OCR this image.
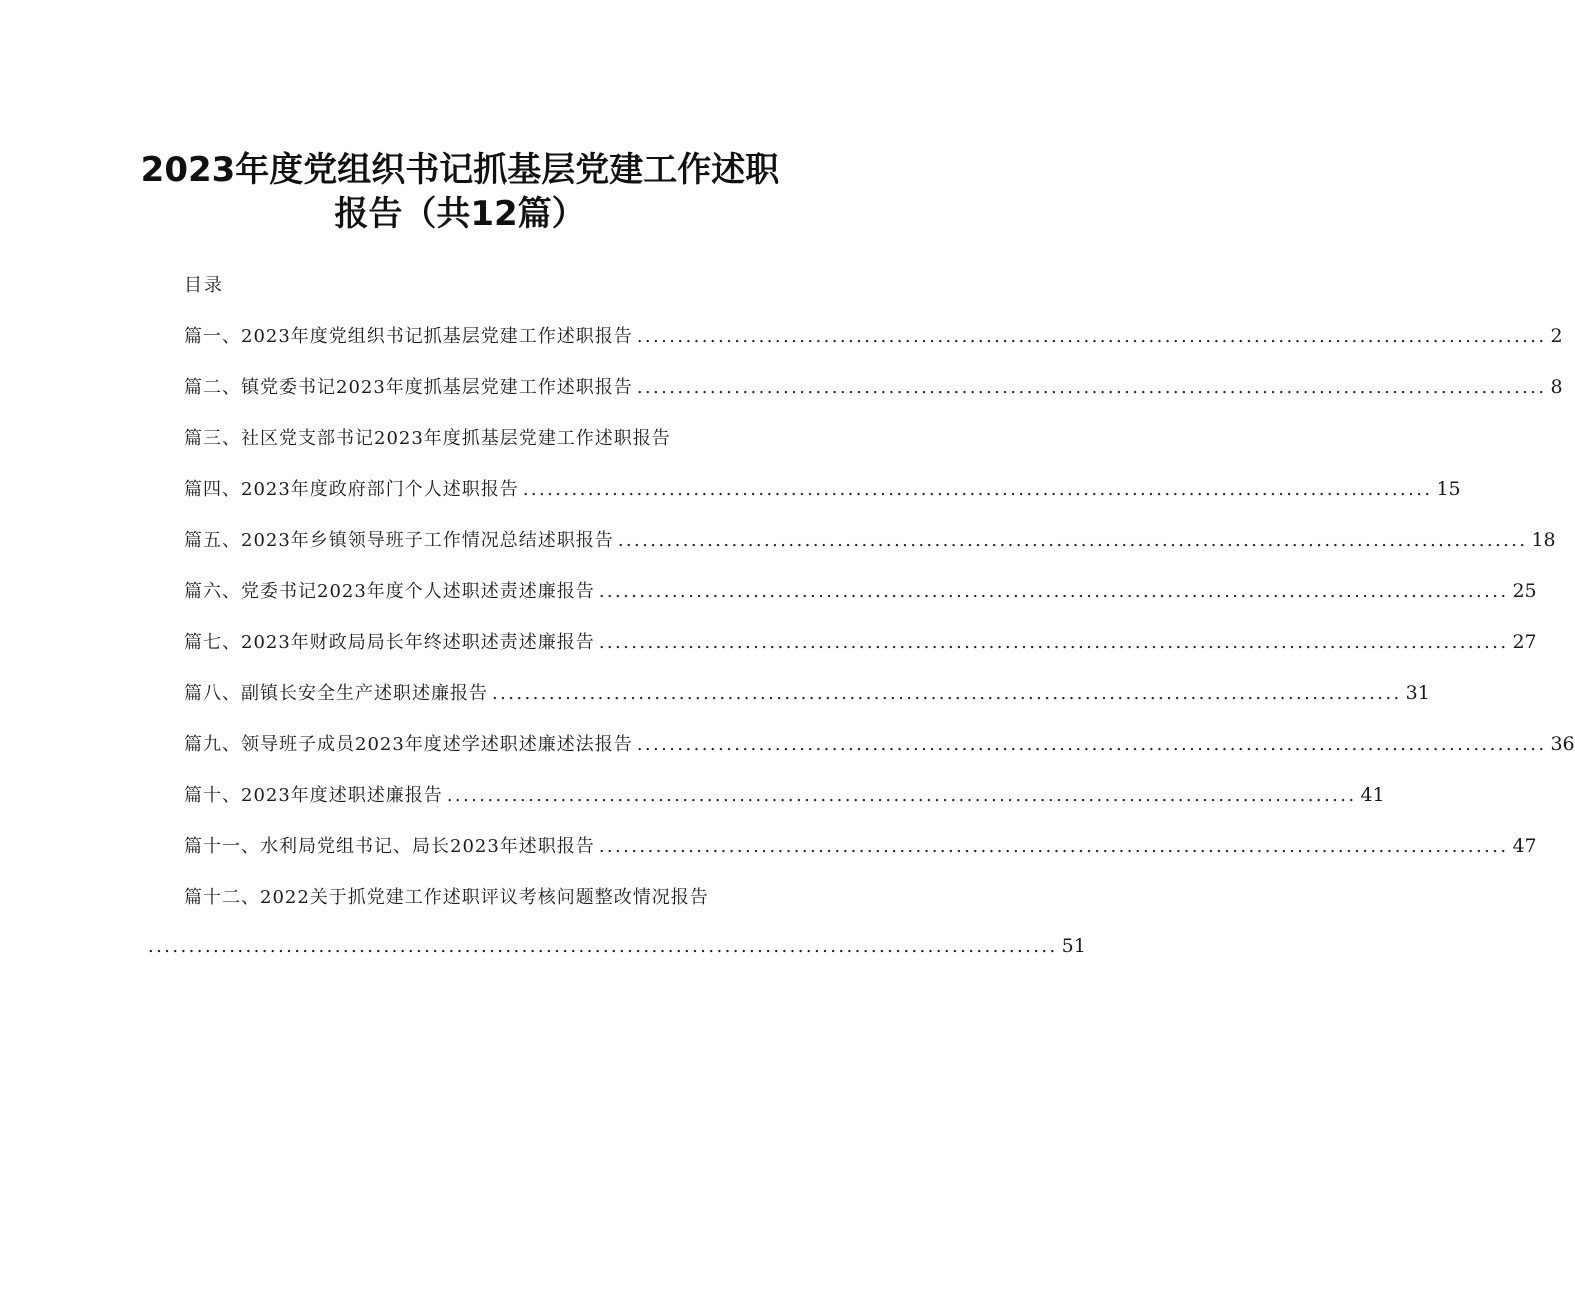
2023年度党组织书记抓基层党建工作述职
报告（共12篇）
目录
篇一、2023年度党组织书记抓基层党建工作述职报告 ................................................................................................................ 2
篇二、镇党委书记2023年度抓基层党建工作述职报告 ................................................................................................................ 8
篇三、社区党支部书记2023年度抓基层党建工作述职报告
篇四、2023年度政府部门个人述职报告 ................................................................................................................ 15
篇五、2023年乡镇领导班子工作情况总结述职报告 ................................................................................................................ 18
篇六、党委书记2023年度个人述职述责述廉报告 ................................................................................................................ 25
篇七、2023年财政局局长年终述职述责述廉报告 ................................................................................................................ 27
篇八、副镇长安全生产述职述廉报告 ................................................................................................................ 31
篇九、领导班子成员2023年度述学述职述廉述法报告 ................................................................................................................ 36
篇十、2023年度述职述廉报告 ................................................................................................................ 41
篇十一、水利局党组书记、局长2023年述职报告 ................................................................................................................ 47
篇十二、2022关于抓党建工作述职评议考核问题整改情况报告
................................................................................................................ 51
